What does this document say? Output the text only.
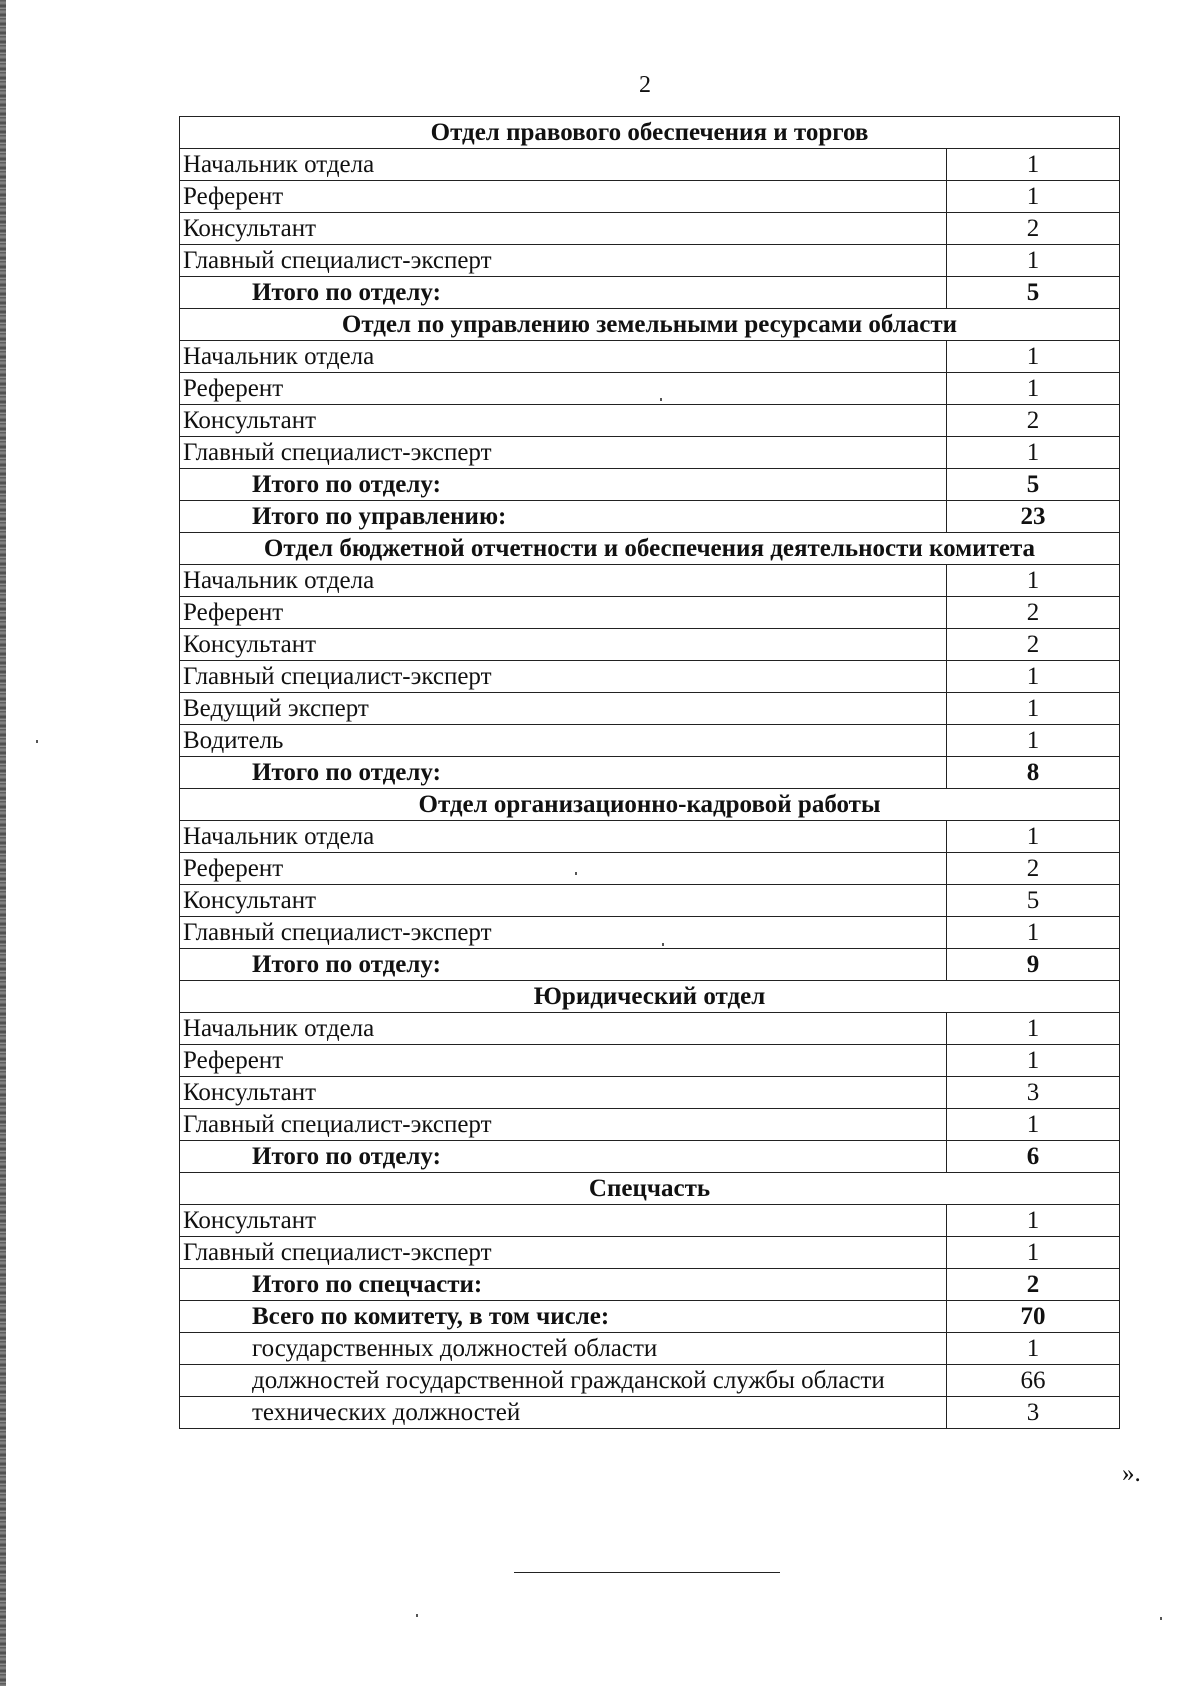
2
Отдел правового обеспечения и торгов	
Начальник отдела	1
Референт	1
Консультант	2
Главный специалист-эксперт	1
Итого по отделу:	5
Отдел по управлению земельными ресурсами области	
Начальник отдела	1
Референт	1
Консультант	2
Главный специалист-эксперт	1
Итого по отделу:	5
Итого по управлению:	23
Отдел бюджетной отчетности и обеспечения деятельности комитета	
Начальник отдела	1
Референт	2
Консультант	2
Главный специалист-эксперт	1
Ведущий эксперт	1
Водитель	1
Итого по отделу:	8
Отдел организационно-кадровой работы	
Начальник отдела	1
Референт	2
Консультант	5
Главный специалист-эксперт	1
Итого по отделу:	9
Юридический отдел	
Начальник отдела	1
Референт	1
Консультант	3
Главный специалист-эксперт	1
Итого по отделу:	6
Спецчасть	
Консультант	1
Главный специалист-эксперт	1
Итого по спецчасти:	2
Всего по комитету, в том числе:	70
государственных должностей области	1
должностей государственной гражданской службы области	66
технических должностей	3
».
